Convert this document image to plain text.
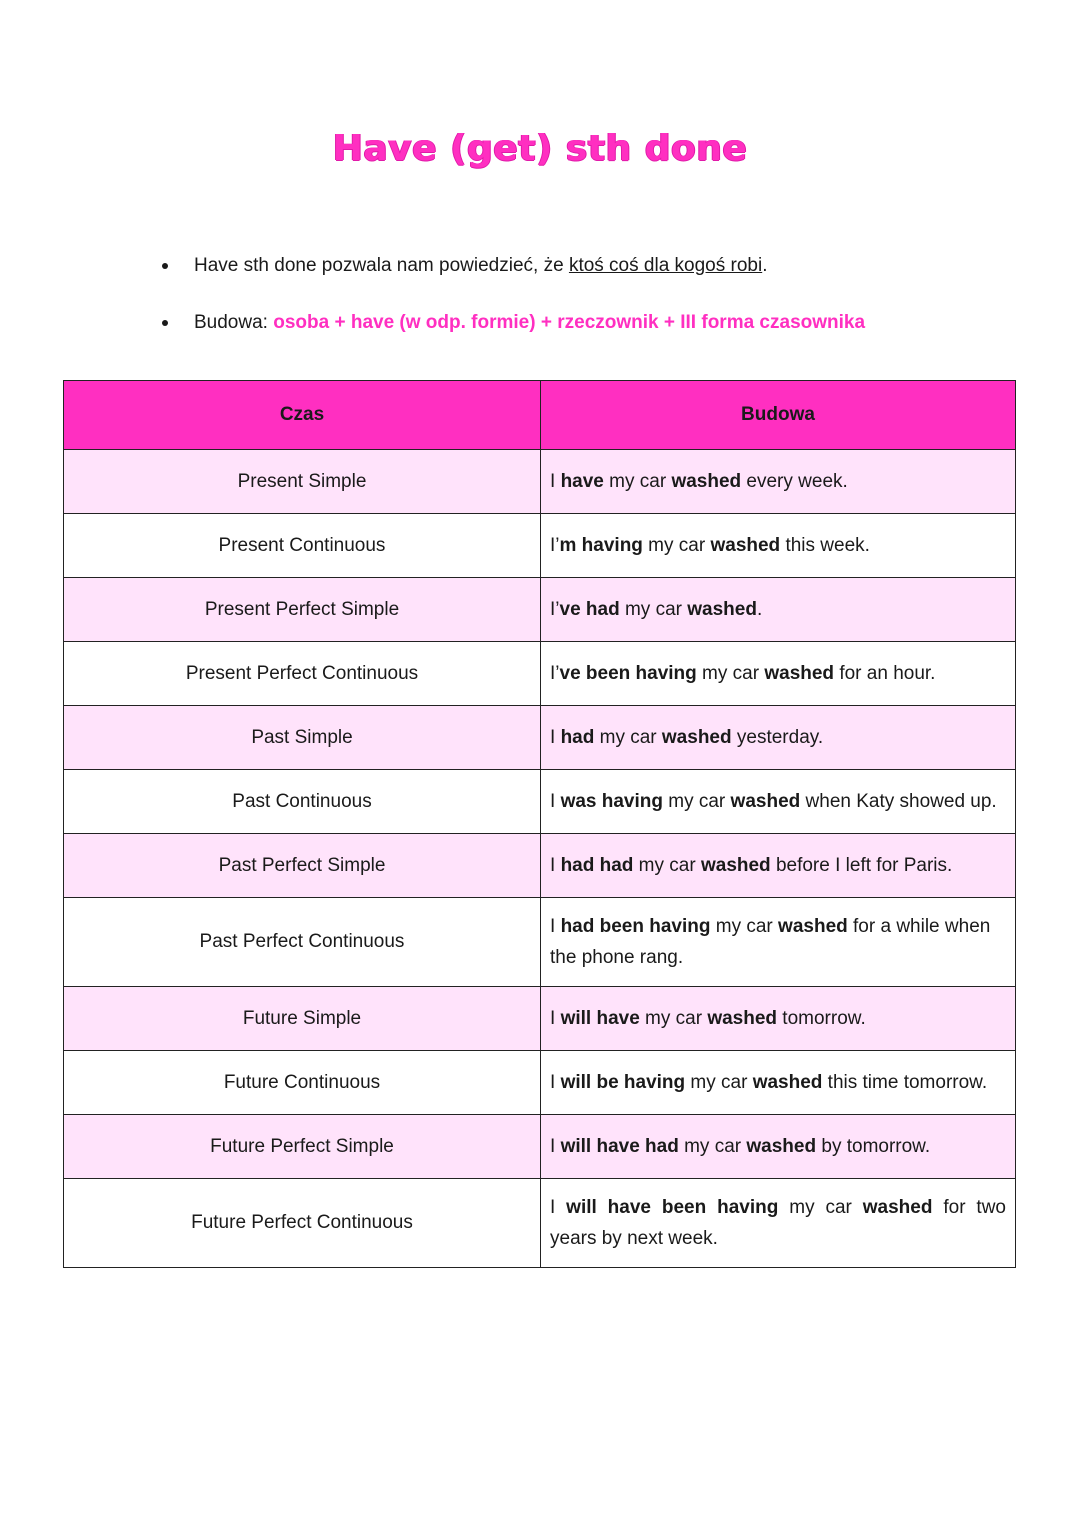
Have (get) sth done
Have sth done pozwala nam powiedzieć, że ktoś coś dla kogoś robi.
Budowa: osoba + have (w odp. formie) + rzeczownik + III forma czasownika
Czas	Budowa
Present Simple	I have my car washed every week.
Present Continuous	I’m having my car washed this week.
Present Perfect Simple	I’ve had my car washed.
Present Perfect Continuous	I’ve been having my car washed for an hour.
Past Simple	I had my car washed yesterday.
Past Continuous	I was having my car washed when Katy showed up.
Past Perfect Simple	I had had my car washed before I left for Paris.
Past Perfect Continuous	I had been having my car washed for a while when the phone rang.
Future Simple	I will have my car washed tomorrow.
Future Continuous	I will be having my car washed this time tomorrow.
Future Perfect Simple	I will have had my car washed by tomorrow.
Future Perfect Continuous	I will have been having my car washed for two years by next week.
